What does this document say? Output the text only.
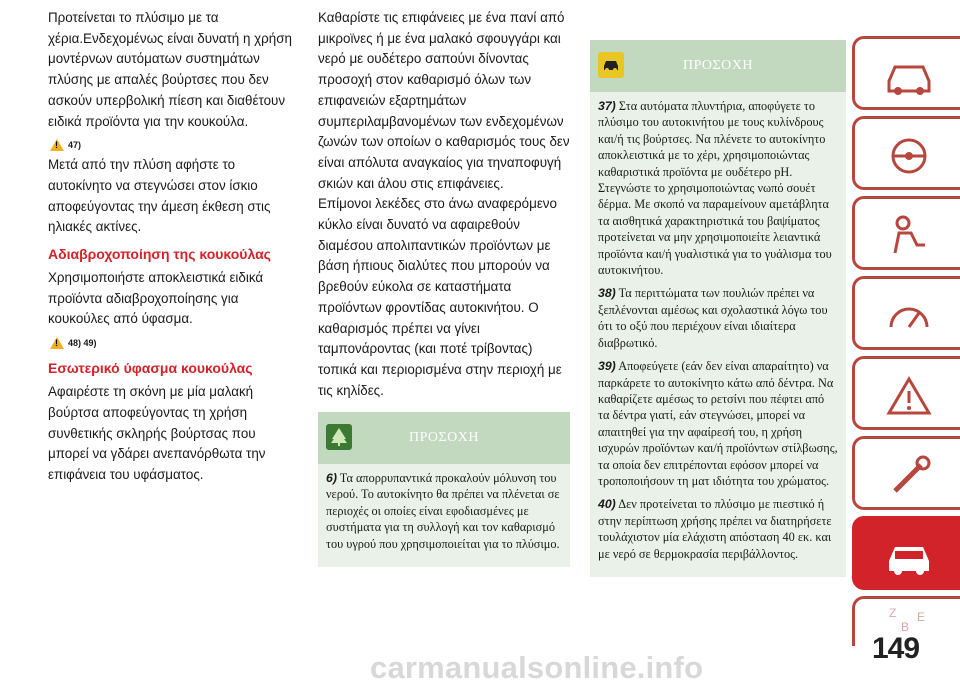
Προτείνεται το πλύσιμο με τα χέρια.Ενδεχομένως είναι δυνατή η χρήση μοντέρνων αυτόματων συστημάτων πλύσης με απαλές βούρτσες που δεν ασκούν υπερβολική πίεση και διαθέτουν ειδικά προϊόντα για την κουκούλα.

!
47)

Μετά από την πλύση αφήστε το αυτοκίνητο να στεγνώσει στον ίσκιο αποφεύγοντας την άμεση έκθεση στις ηλιακές ακτίνες.

Αδιαβροχοποίηση της κουκούλας

Χρησιμοποιήστε αποκλειστικά ειδικά προϊόντα αδιαβροχοποίησης για κουκούλες από ύφασμα.

!
48) 49)
Εσωτερικό ύφασμα κουκούλας

Αφαιρέστε τη σκόνη με μία μαλακή βούρτσα αποφεύγοντας τη χρήση συνθετικής σκληρής βούρτσας που μπορεί να γδάρει ανεπανόρθωτα την επιφάνεια του υφάσματος.

Καθαρίστε τις επιφάνειες με ένα πανί από μικροϊνες ή με ένα μαλακό σφουγγάρι και νερό με ουδέτερο σαπούνι δίνοντας προσοχή στον καθαρισμό όλων των επιφανειών εξαρτημάτων συμπεριλαμβανομένων των ενδεχομένων ζωνών των οποίων ο καθαρισμός τους δεν είναι απόλυτα αναγκαίος για τηναποφυγή σκιών και άλου στις επιφάνειες.

Επίμονοι λεκέδες στο άνω αναφερόμενο κύκλο είναι δυνατό να αφαιρεθούν διαμέσου απολιπαντικών προϊόντων με βάση ήπιους διαλύτες που μπορούν να βρεθούν εύκολα σε καταστήματα προϊόντων φροντίδας αυτοκινήτου. Ο καθαρισμός πρέπει να γίνει ταμπονάροντας (και ποτέ τρίβοντας) τοπικά και περιορισμένα στην περιοχή με τις κηλίδες.

ΠΡΟΣΟΧΗ

6) Τα απορρυπαντικά προκαλούν μόλυνση του νερού. Το αυτοκίνητο θα πρέπει να πλένεται σε περιοχές οι οποίες είναι εφοδιασμένες με συστήματα για τη συλλογή και τον καθαρισμό του υγρού που χρησιμοποιείται για το πλύσιμο.

ΠΡΟΣΟΧΗ

37) Στα αυτόματα πλυντήρια, αποφύγετε το πλύσιμο του αυτοκινήτου με τους κυλίνδρους και/ή τις βούρτσες. Να πλένετε το αυτοκίνητο αποκλειστικά με το χέρι, χρησιμοποιώντας καθαριστικά προϊόντα με ουδέτερο pH. Στεγνώστε το χρησιμοποιώντας νωπό σουέτ δέρμα. Με σκοπό να παραμείνουν αμετάβλητα τα αισθητικά χαρακτηριστικά του βαψίματος προτείνεται να μην χρησιμοποιείτε λειαντικά προϊόντα και/ή γυαλιστικά για το γυάλισμα του αυτοκινήτου.

38) Τα περιττώματα των πουλιών πρέπει να ξεπλένονται αμέσως και σχολαστικά λόγω του ότι το οξύ που περιέχουν είναι ιδιαίτερα διαβρωτικό.

39) Αποφεύγετε (εάν δεν είναι απαραίτητο) να παρκάρετε το αυτοκίνητο κάτω από δέντρα. Να καθαρίζετε αμέσως το ρετσίνι που πέφτει από τα δέντρα γιατί, εάν στεγνώσει, μπορεί να απαιτηθεί για την αφαίρεσή του, η χρήση ισχυρών προϊόντων και/ή προϊόντων στίλβωσης, τα οποία δεν επιτρέπονται εφόσον μπορεί να τροποποιήσουν τη ματ ιδιότητα του χρώματος.

40) Δεν προτείνεται το πλύσιμο με πιεστικό ή στην περίπτωση χρήσης πρέπει να διατηρήσετε τουλάχιστον μία ελάχιστη απόσταση 40 εκ. και με νερό σε θερμοκρασία περιβάλλοντος.

Z
B
E
149
carmanualsonline.info
